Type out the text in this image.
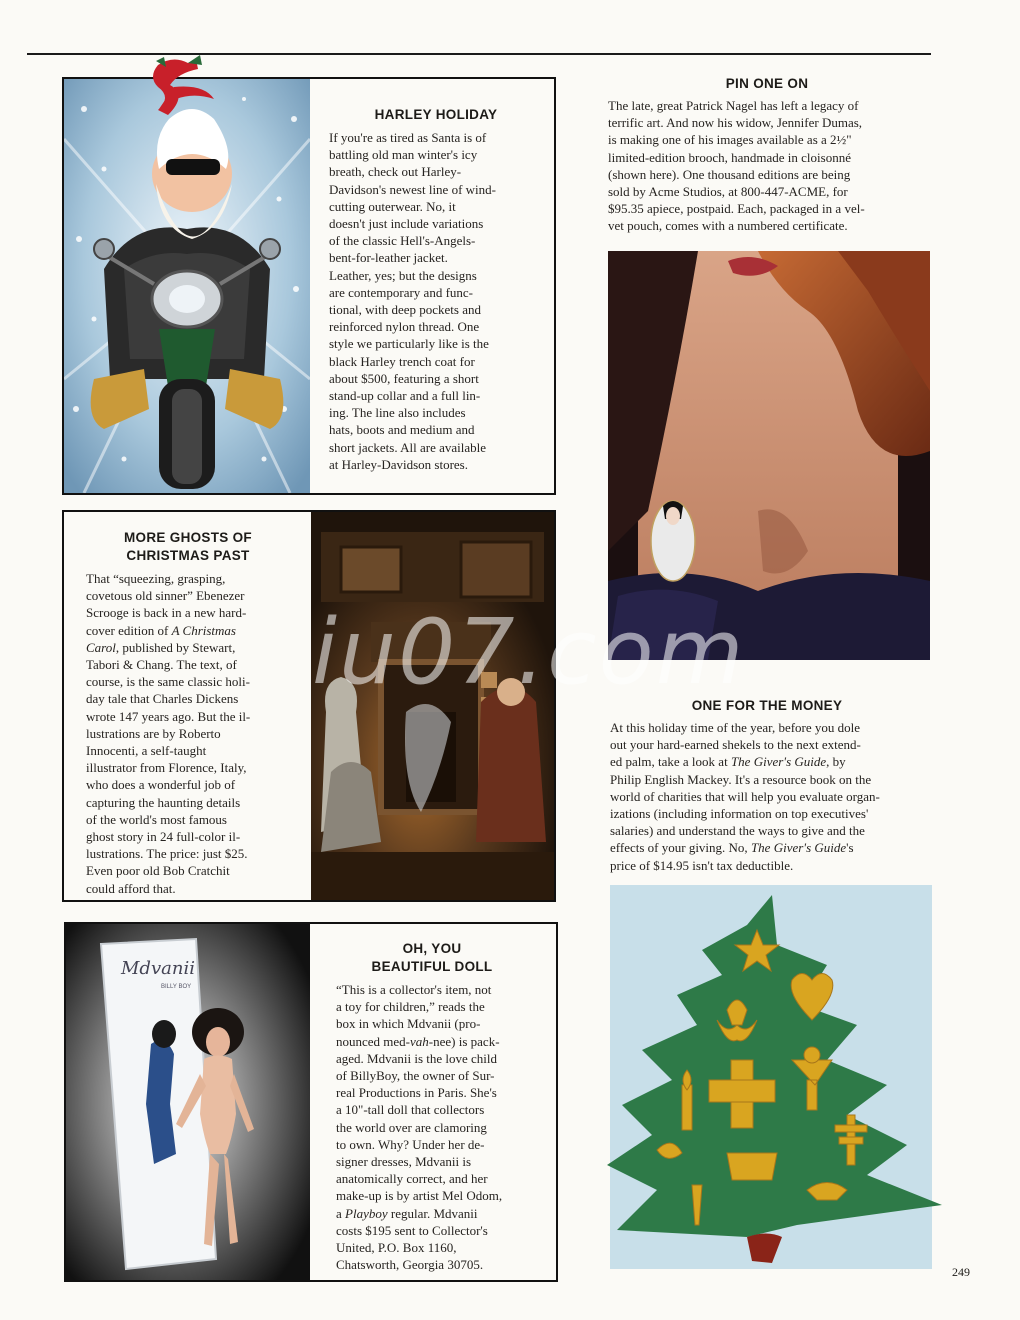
HARLEY HOLIDAY
If you're as tired as Santa is of
battling old man winter's icy
breath, check out Harley-
Davidson's newest line of wind-
cutting outerwear. No, it
doesn't just include variations
of the classic Hell's-Angels-
bent-for-leather jacket.
Leather, yes; but the designs
are contemporary and func-
tional, with deep pockets and
reinforced nylon thread. One
style we particularly like is the
black Harley trench coat for
about $500, featuring a short
stand-up collar and a full lin-
ing. The line also includes
hats, boots and medium and
short jackets. All are available
at Harley-Davidson stores.
MORE GHOSTS OF
CHRISTMAS PAST
That “squeezing, grasping,
covetous old sinner” Ebenezer
Scrooge is back in a new hard-
cover edition of A Christmas
Carol, published by Stewart,
Tabori & Chang. The text, of
course, is the same classic holi-
day tale that Charles Dickens
wrote 147 years ago. But the il-
lustrations are by Roberto
Innocenti, a self-taught
illustrator from Florence, Italy,
who does a wonderful job of
capturing the haunting details
of the world's most famous
ghost story in 24 full-color il-
lustrations. The price: just $25.
Even poor old Bob Cratchit
could afford that.
Mdvanii
BILLY BOY
OH, YOU
BEAUTIFUL DOLL
“This is a collector's item, not
a toy for children,” reads the
box in which Mdvanii (pro-
nounced med-vah-nee) is pack-
aged. Mdvanii is the love child
of BillyBoy, the owner of Sur-
real Productions in Paris. She's
a 10"-tall doll that collectors
the world over are clamoring
to own. Why? Under her de-
signer dresses, Mdvanii is
anatomically correct, and her
make-up is by artist Mel Odom,
a Playboy regular. Mdvanii
costs $195 sent to Collector's
United, P.O. Box 1160,
Chatsworth, Georgia 30705.
PIN ONE ON
The late, great Patrick Nagel has left a legacy of
terrific art. And now his widow, Jennifer Dumas,
is making one of his images available as a 2½"
limited-edition brooch, handmade in cloisonné
(shown here). One thousand editions are being
sold by Acme Studios, at 800-447-ACME, for
$95.35 apiece, postpaid. Each, packaged in a vel-
vet pouch, comes with a numbered certificate.
ONE FOR THE MONEY
At this holiday time of the year, before you dole
out your hard-earned shekels to the next extend-
ed palm, take a look at The Giver's Guide, by
Philip English Mackey. It's a resource book on the
world of charities that will help you evaluate organ-
izations (including information on top executives'
salaries) and understand the ways to give and the
effects of your giving. No, The Giver's Guide's
price of $14.95 isn't tax deductible.
iu07.com
249
